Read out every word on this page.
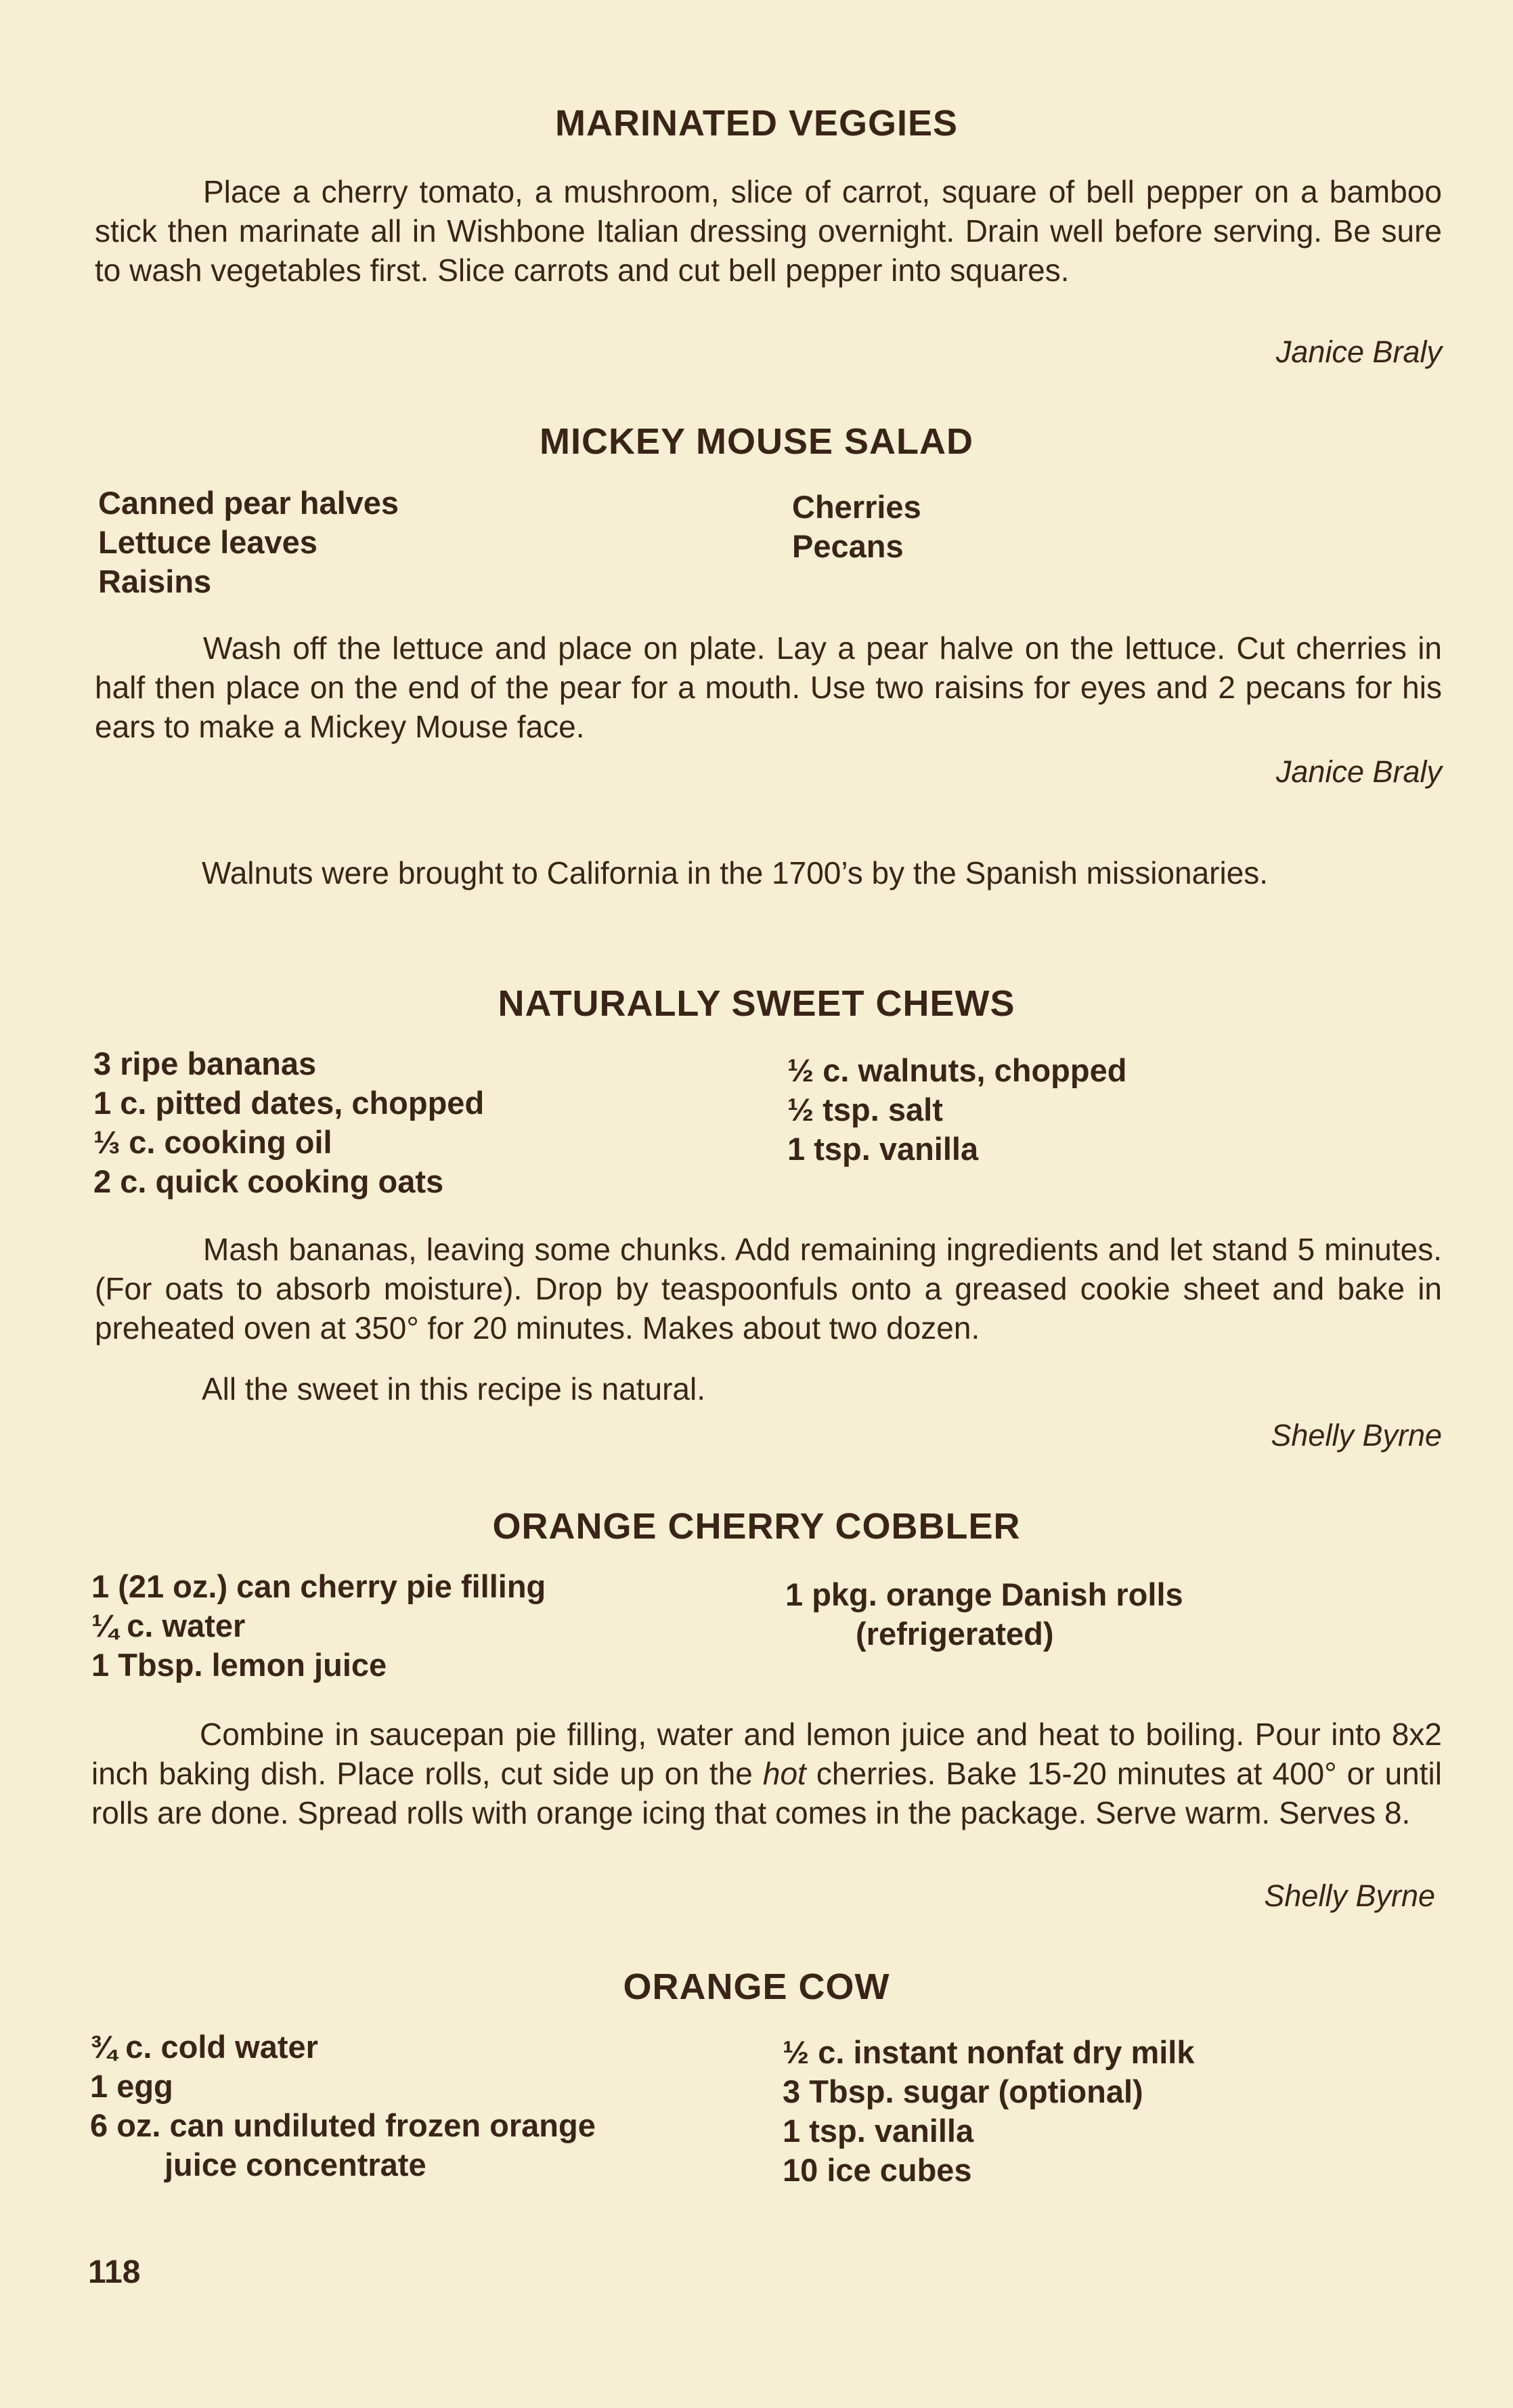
MARINATED VEGGIES
Place a cherry tomato, a mushroom, slice of carrot, square of bell pepper on a bamboo stick then marinate all in Wishbone Italian dressing overnight. Drain well before serving. Be sure to wash vegetables first. Slice carrots and cut bell pepper into squares.
Janice Braly
MICKEY MOUSE SALAD
Canned pear halves
Lettuce leaves
Raisins
Cherries
Pecans
Wash off the lettuce and place on plate. Lay a pear halve on the lettuce. Cut cherries in half then place on the end of the pear for a mouth. Use two raisins for eyes and 2 pecans for his ears to make a Mickey Mouse face.
Janice Braly
Walnuts were brought to California in the 1700’s by the Spanish missionaries.
NATURALLY SWEET CHEWS
3 ripe bananas
1 c. pitted dates, chopped
⅓ c. cooking oil
2 c. quick cooking oats
½ c. walnuts, chopped
½ tsp. salt
1 tsp. vanilla
Mash bananas, leaving some chunks. Add remaining ingredients and let stand 5 minutes. (For oats to absorb moisture). Drop by teaspoonfuls onto a greased cookie sheet and bake in preheated oven at 350° for 20 minutes. Makes about two dozen.
All the sweet in this recipe is natural.
Shelly Byrne
ORANGE CHERRY COBBLER
1 (21 oz.) can cherry pie filling
¼ c. water
1 Tbsp. lemon juice
1 pkg. orange Danish rolls
(refrigerated)
Combine in saucepan pie filling, water and lemon juice and heat to boiling. Pour into 8x2 inch baking dish. Place rolls, cut side up on the hot cherries. Bake 15-20 minutes at 400° or until rolls are done. Spread rolls with orange icing that comes in the package. Serve warm. Serves 8.
Shelly Byrne
ORANGE COW
¾ c. cold water
1 egg
6 oz. can undiluted frozen orange
juice concentrate
½ c. instant nonfat dry milk
3 Tbsp. sugar (optional)
1 tsp. vanilla
10 ice cubes
118
